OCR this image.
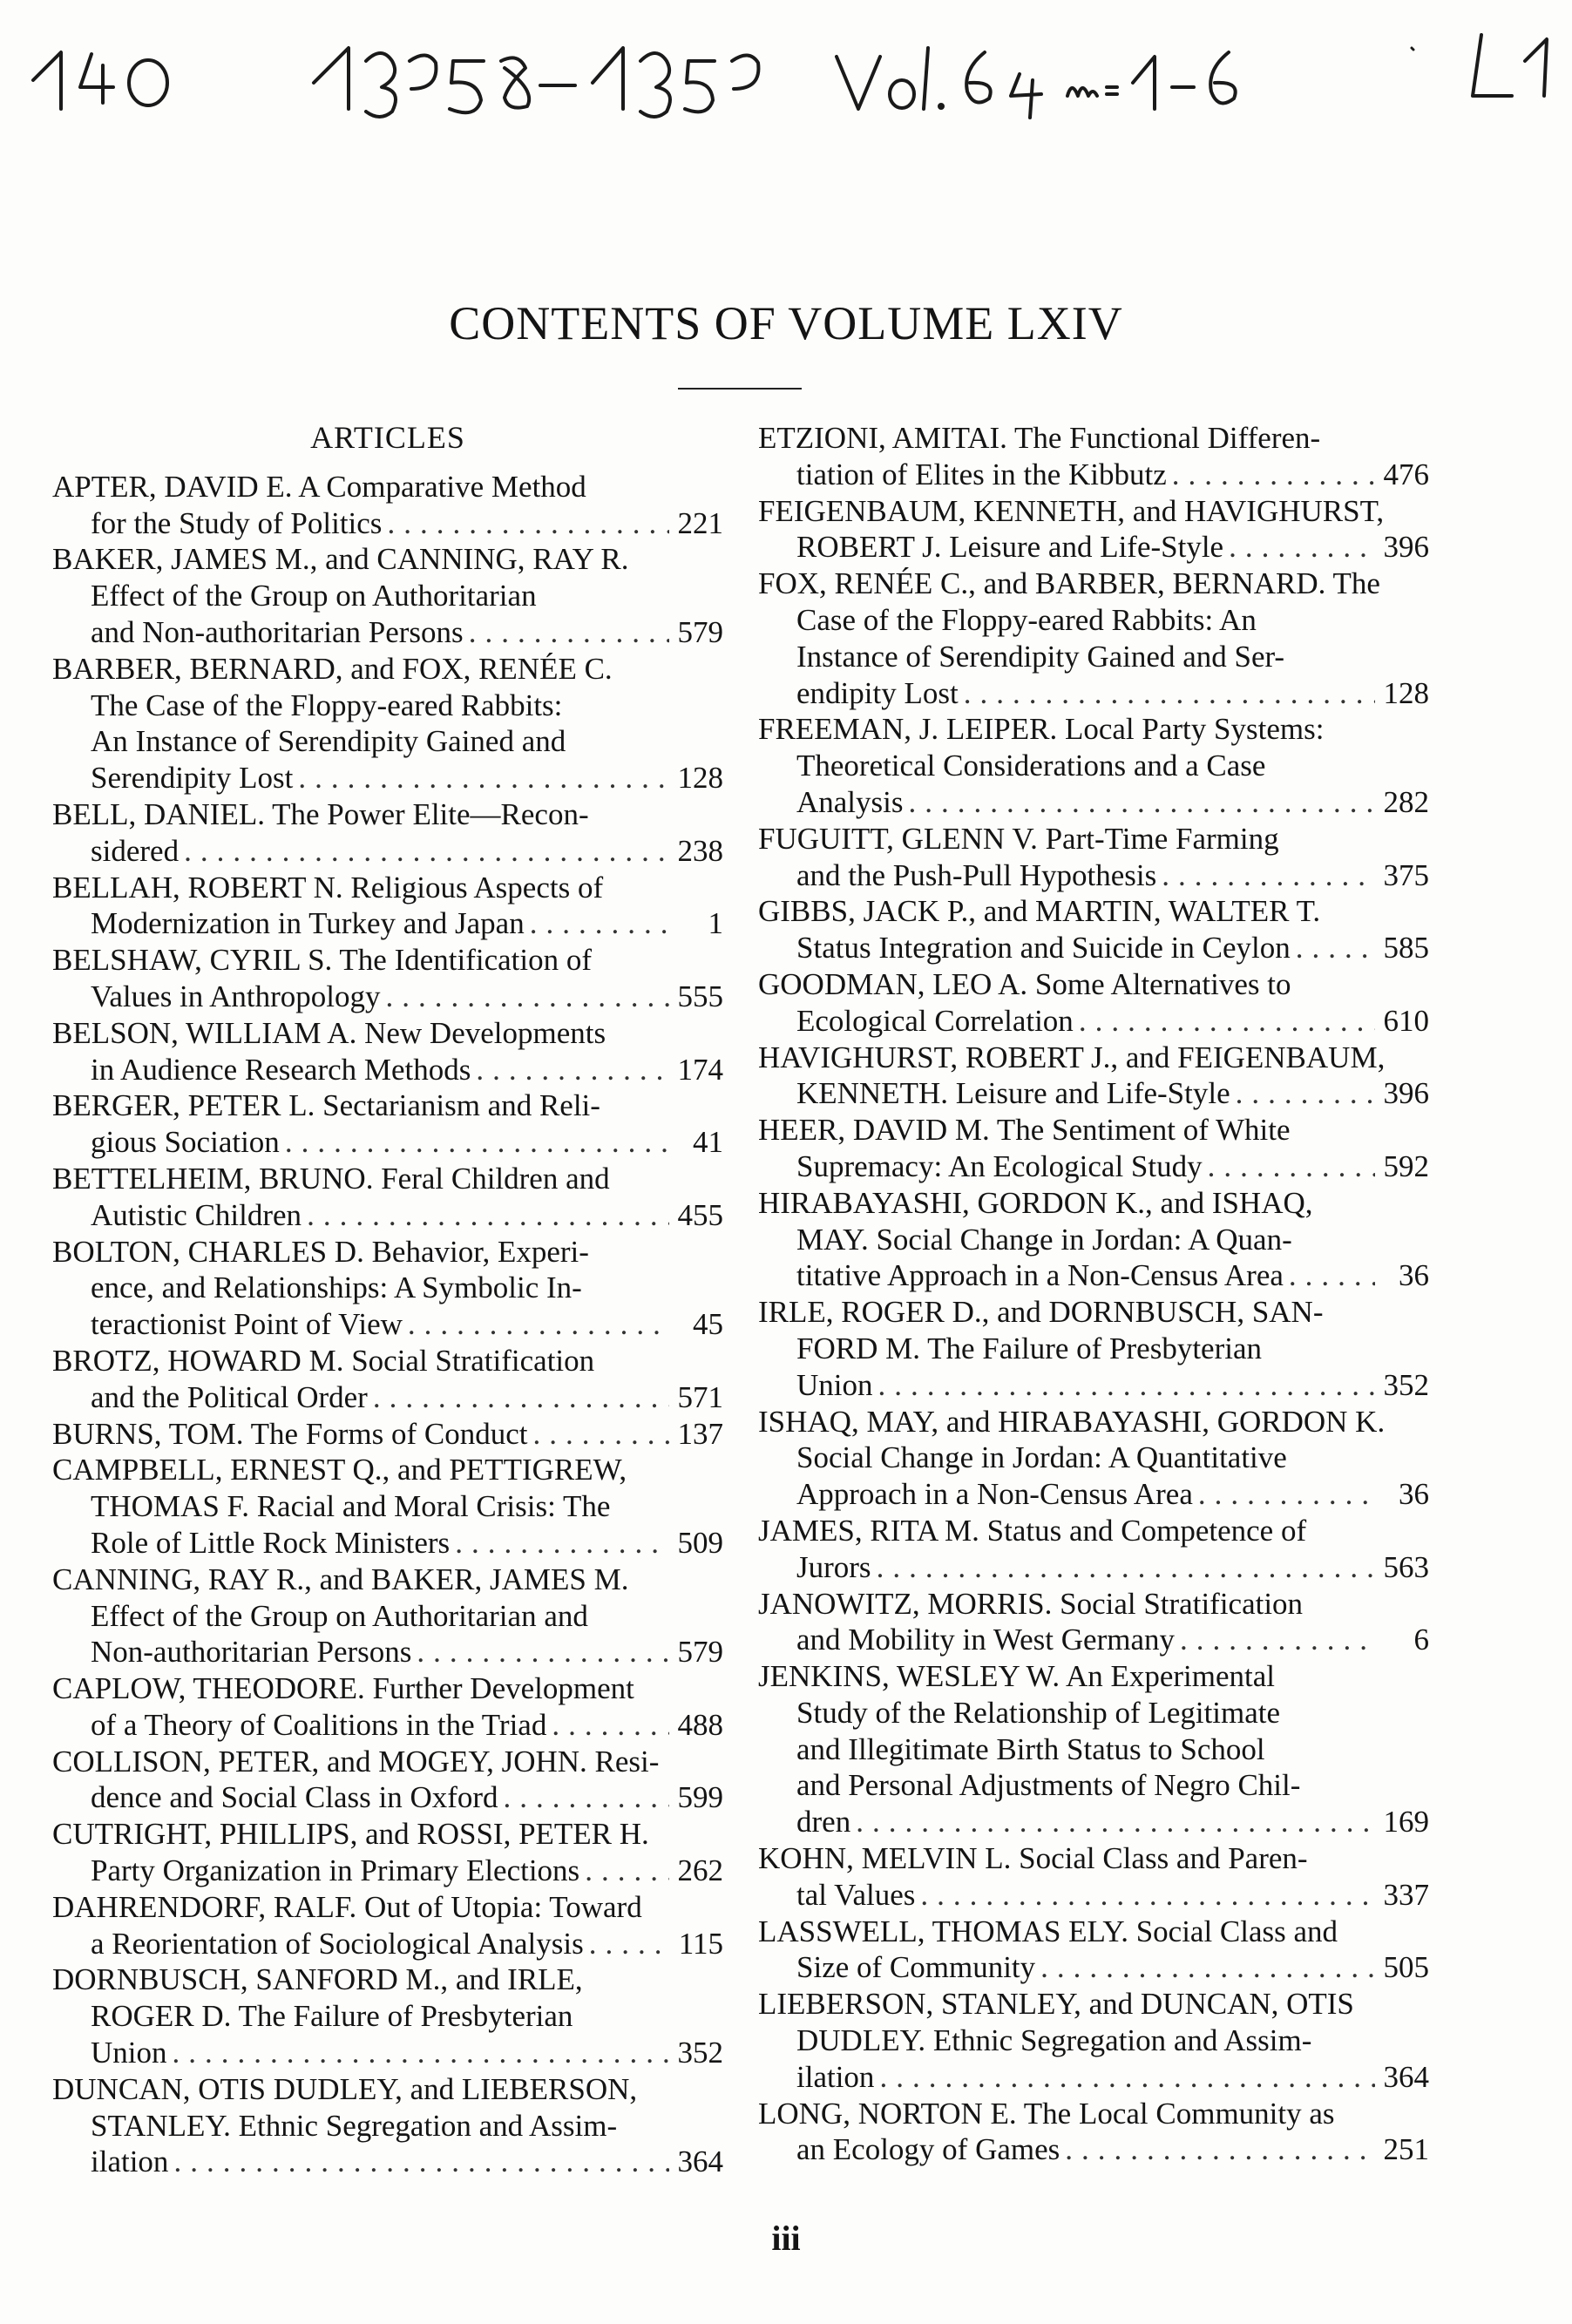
CONTENTS OF VOLUME LXIV
ARTICLES
APTER, DAVID E. A Comparative Method
for the Study of Politics .....	221
BAKER, JAMES M., and CANNING, RAY R.
Effect of the Group on Authoritarian
and Non-authoritarian Persons .....	579
BARBER, BERNARD, and FOX, RENÉE C.
The Case of the Floppy-eared Rabbits:
An Instance of Serendipity Gained and
Serendipity Lost .....	128
BELL, DANIEL. The Power Elite—Recon-
sidered .....	238
BELLAH, ROBERT N. Religious Aspects of
Modernization in Turkey and Japan .....	1
BELSHAW, CYRIL S. The Identification of
Values in Anthropology .....	555
BELSON, WILLIAM A. New Developments
in Audience Research Methods .....	174
BERGER, PETER L. Sectarianism and Reli-
gious Sociation .....	41
BETTELHEIM, BRUNO. Feral Children and
Autistic Children .....	455
BOLTON, CHARLES D. Behavior, Experi-
ence, and Relationships: A Symbolic In-
teractionist Point of View .....	45
BROTZ, HOWARD M. Social Stratification
and the Political Order .....	571
BURNS, TOM. The Forms of Conduct .....	137
CAMPBELL, ERNEST Q., and PETTIGREW,
THOMAS F. Racial and Moral Crisis: The
Role of Little Rock Ministers .....	509
CANNING, RAY R., and BAKER, JAMES M.
Effect of the Group on Authoritarian and
Non-authoritarian Persons .....	579
CAPLOW, THEODORE. Further Development
of a Theory of Coalitions in the Triad .....	488
COLLISON, PETER, and MOGEY, JOHN. Resi-
dence and Social Class in Oxford .....	599
CUTRIGHT, PHILLIPS, and ROSSI, PETER H.
Party Organization in Primary Elections .....	262
DAHRENDORF, RALF. Out of Utopia: Toward
a Reorientation of Sociological Analysis .....	115
DORNBUSCH, SANFORD M., and IRLE,
ROGER D. The Failure of Presbyterian
Union .....	352
DUNCAN, OTIS DUDLEY, and LIEBERSON,
STANLEY. Ethnic Segregation and Assim-
ilation .....	364
ETZIONI, AMITAI. The Functional Differen-
tiation of Elites in the Kibbutz .....	476
FEIGENBAUM, KENNETH, and HAVIGHURST,
ROBERT J. Leisure and Life-Style .....	396
FOX, RENÉE C., and BARBER, BERNARD. The
Case of the Floppy-eared Rabbits: An
Instance of Serendipity Gained and Ser-
endipity Lost .....	128
FREEMAN, J. LEIPER. Local Party Systems:
Theoretical Considerations and a Case
Analysis .....	282
FUGUITT, GLENN V. Part-Time Farming
and the Push-Pull Hypothesis .....	375
GIBBS, JACK P., and MARTIN, WALTER T.
Status Integration and Suicide in Ceylon .....	585
GOODMAN, LEO A. Some Alternatives to
Ecological Correlation .....	610
HAVIGHURST, ROBERT J., and FEIGENBAUM,
KENNETH. Leisure and Life-Style .....	396
HEER, DAVID M. The Sentiment of White
Supremacy: An Ecological Study .....	592
HIRABAYASHI, GORDON K., and ISHAQ,
MAY. Social Change in Jordan: A Quan-
titative Approach in a Non-Census Area .....	36
IRLE, ROGER D., and DORNBUSCH, SAN-
FORD M. The Failure of Presbyterian
Union .....	352
ISHAQ, MAY, and HIRABAYASHI, GORDON K.
Social Change in Jordan: A Quantitative
Approach in a Non-Census Area .....	36
JAMES, RITA M. Status and Competence of
Jurors .....	563
JANOWITZ, MORRIS. Social Stratification
and Mobility in West Germany .....	6
JENKINS, WESLEY W. An Experimental
Study of the Relationship of Legitimate
and Illegitimate Birth Status to School
and Personal Adjustments of Negro Chil-
dren .....	169
KOHN, MELVIN L. Social Class and Paren-
tal Values .....	337
LASSWELL, THOMAS ELY. Social Class and
Size of Community .....	505
LIEBERSON, STANLEY, and DUNCAN, OTIS
DUDLEY. Ethnic Segregation and Assim-
ilation .....	364
LONG, NORTON E. The Local Community as
an Ecology of Games .....	251
iii
